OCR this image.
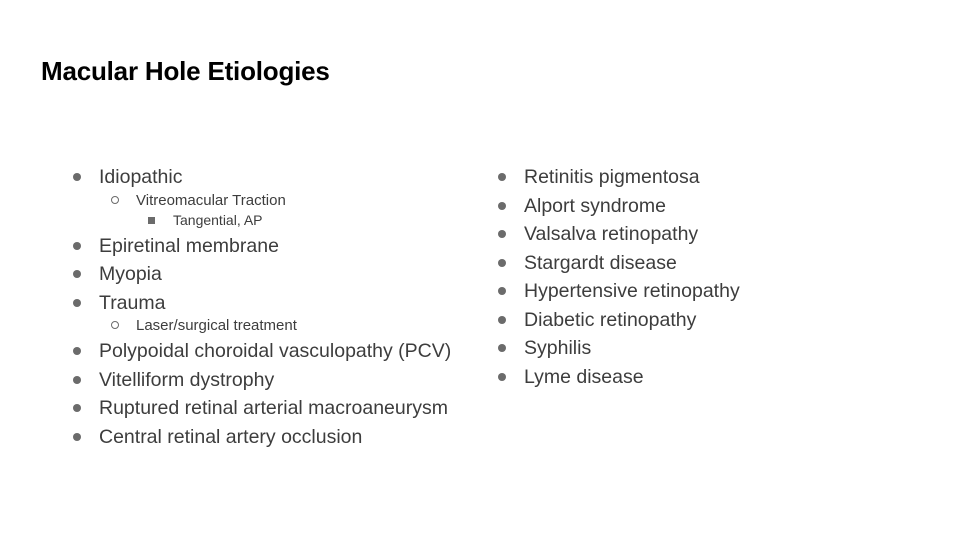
Macular Hole Etiologies
Idiopathic
Vitreomacular Traction
Tangential, AP
Epiretinal membrane
Myopia
Trauma
Laser/surgical treatment
Polypoidal choroidal vasculopathy (PCV)
Vitelliform dystrophy
Ruptured retinal arterial macroaneurysm
Central retinal artery occlusion
Retinitis pigmentosa
Alport syndrome
Valsalva retinopathy
Stargardt disease
Hypertensive retinopathy
Diabetic retinopathy
Syphilis
Lyme disease
